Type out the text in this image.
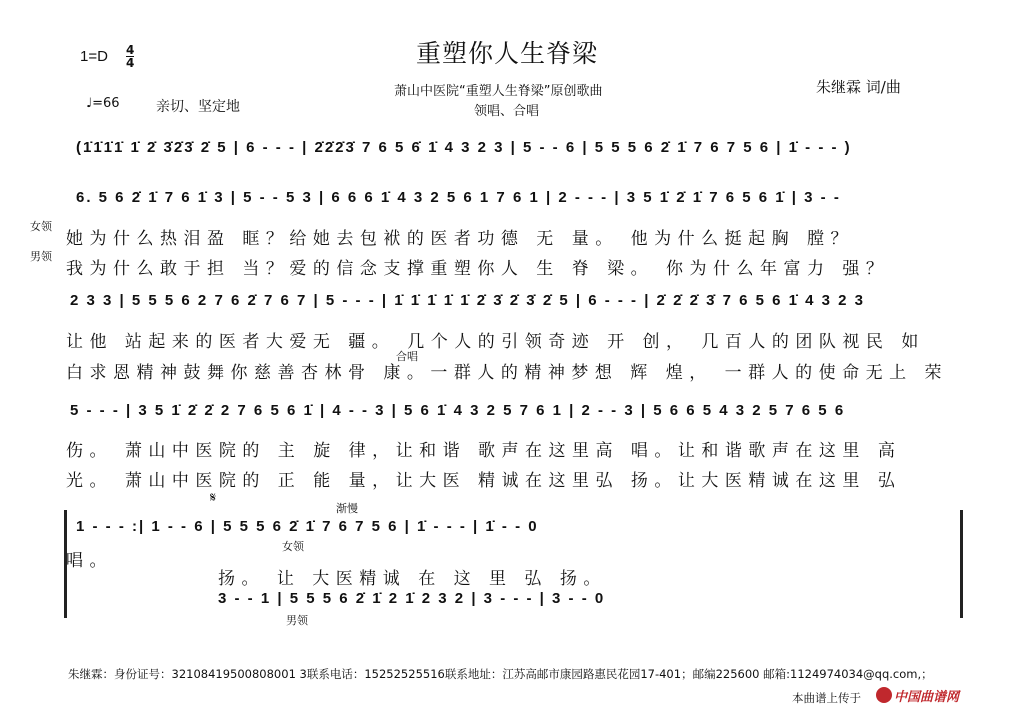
重塑你人生脊梁
$1=D \frac{4}{4}$
萧山中医院“重塑人生脊梁”原创歌曲
领唱、合唱
朱继霖 词/曲
♩=66	亲切、坚定地
(1̇1̇1̇1̇ 1̇ 2̇ 3̇2̇3̇ 2̇ 5 | 6 - - - | 2̇2̇2̇3̇ 7 6 5 6̇ 1̇ 4 3 2 3 | 5 - - 6 | 5 5 5 6 2̇ 1̇ 7 6 7 5 6 | 1̇ - - - )
6. 5 6 2̇ 1̇ 7 6 1̇ 3 | 5 - - 5 3 | 6 6 6 1̇ 4 3 2 5 6 1 7 6 1 | 2 - - - | 3 5 1̇ 2̇ 1̇ 7 6 5 6 1̇ | 3 - -
女领
男领
她为什么热泪盈 眶？给她去包袱的医者功德 无 量。 他为什么挺起胸 膛？
我为什么敢于担 当？爱的信念支撑重塑你人 生 脊 梁。 你为什么年富力 强？
2 3 3 | 5 5 5 6 2 7 6 2̇ 7 6 7 | 5 - - - | 1̇ 1̇ 1̇ 1̇ 1̇ 2̇ 3̇ 2̇ 3̇ 2̇ 5 | 6 - - - | 2̇ 2̇ 2̇ 3̇ 7 6 5 6 1̇ 4 3 2 3
让他 站起来的医者大爱无 疆。 几个人的引领奇迹 开 创， 几百人的团队视民 如
合唱
白求恩精神鼓舞你慈善杏林骨 康。一群人的精神梦想 辉 煌， 一群人的使命无上 荣
5 - - - | 3 5 1̇ 2̇ 2̇ 2 7 6 5 6 1̇ | 4 - - 3 | 5 6 1̇ 4 3 2 5 7 6 1 | 2 - - 3 | 5 6 6 5 4 3 2 5 7 6 5 6
伤。 萧山中医院的 主 旋 律，让和谐 歌声在这里高 唱。让和谐歌声在这里 高
光。 萧山中医院的 正 能 量，让大医 精诚在这里弘 扬。让大医精诚在这里 弘
𝄋
渐慢
1 - - - :| 1 - - 6 | 5 5 5 6 2̇ 1̇ 7 6 7 5 6 | 1̇ - - - | 1̇ - - 0
唱。
女领
扬。 让 大医精诚 在 这 里 弘 扬。
3 - - 1 | 5 5 5 6 2̇ 1̇ 2 1̇ 2 3 2 | 3 - - - | 3 - - 0
男领
朱继霖：身份证号：32108419500808001 3联系电话：15252525516联系地址：江苏高邮市康园路惠民花园17-401；邮编225600 邮箱:1124974034@qq.com,；
本曲谱上传于	中国曲谱网
